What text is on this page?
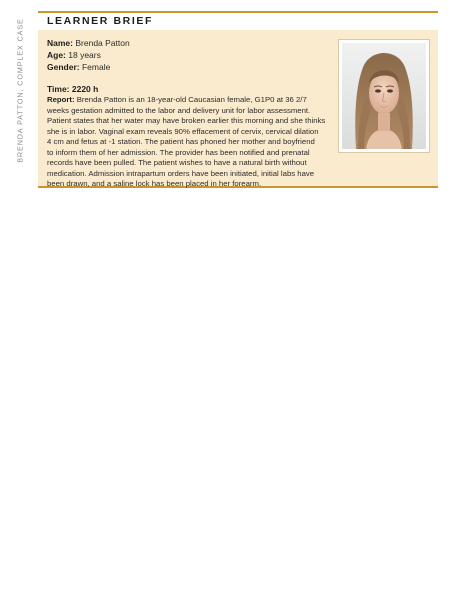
BRENDA PATTON, COMPLEX CASE LEARNER BRIEF
Name: Brenda Patton
Age: 18 years
Gender: Female
Time: 2220 h
Report: Brenda Patton is an 18-year-old Caucasian female, G1P0 at 36 2/7
weeks gestation admitted to the labor and delivery unit for labor assessment.
Patient states that her water may have broken earlier this morning and she thinks
she is in labor. Vaginal exam reveals 90% effacement of cervix, cervical dilation
4 cm and fetus at -1 station. The patient has phoned her mother and boyfriend
to inform them of her admission. The provider has been notified and prenatal
records have been pulled. The patient wishes to have a natural birth without
medication. Admission intrapartum orders have been initiated, initial labs have
been drawn, and a saline lock has been placed in her forearm.
